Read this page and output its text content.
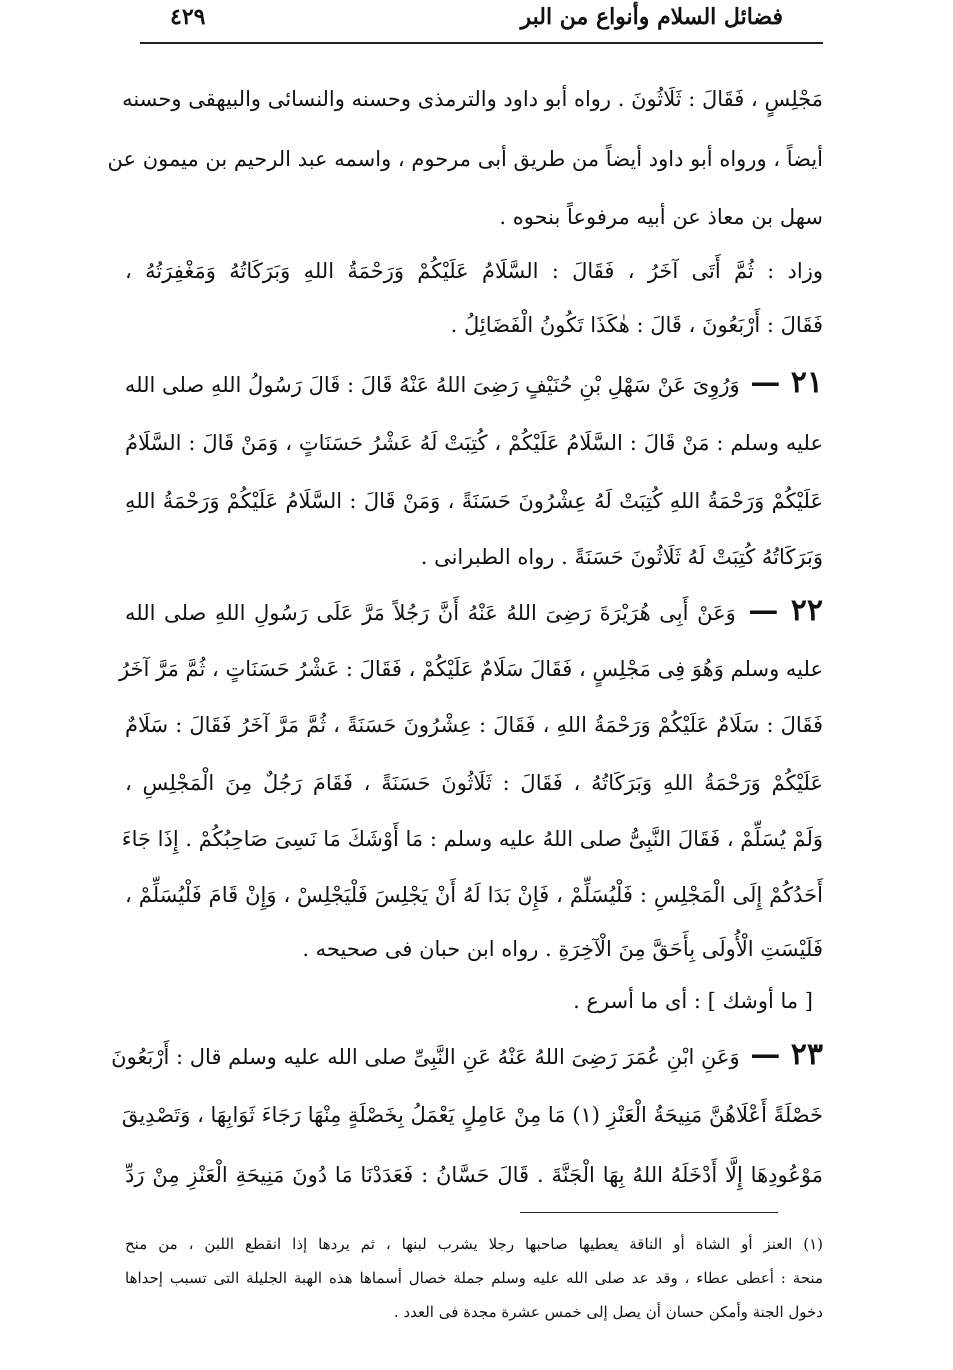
فضائل السلام وأنواع من البر
٤٢٩
مَجْلِسٍ ، فَقَالَ : ثَلَاثُونَ . رواه أبو داود والترمذى وحسنه والنسائى والبيهقى وحسنه
أيضاً ، ورواه أبو داود أيضاً من طريق أبى مرحوم ، واسمه عبد الرحيم بن ميمون عن
سهل بن معاذ عن أبيه مرفوعاً بنحوه .
وزاد : ثُمَّ أَتَى آخَرُ ، فَقَالَ : السَّلَامُ عَلَيْكُمْ وَرَحْمَةُ اللهِ وَبَرَكَاتُهُ وَمَغْفِرَتُهُ ،
فَقَالَ : أَرْبَعُونَ ، قَالَ : هٰكَذَا تَكُونُ الْفَضَائِلُ .
٢١ — وَرُوِىَ عَنْ سَهْلِ بْنِ حُنَيْفٍ رَضِىَ اللهُ عَنْهُ قَالَ : قَالَ رَسُولُ اللهِ صلى الله
عليه وسلم : مَنْ قَالَ : السَّلَامُ عَلَيْكُمْ ، كُتِبَتْ لَهُ عَشْرُ حَسَنَاتٍ ، وَمَنْ قَالَ : السَّلَامُ
عَلَيْكُمْ وَرَحْمَةُ اللهِ كُتِبَتْ لَهُ عِشْرُونَ حَسَنَةً ، وَمَنْ قَالَ : السَّلَامُ عَلَيْكُمْ وَرَحْمَةُ اللهِ
وَبَرَكَاتُهُ كُتِبَتْ لَهُ ثَلَاثُونَ حَسَنَةً . رواه الطبرانى .
٢٢ — وَعَنْ أَبِى هُرَيْرَةَ رَضِىَ اللهُ عَنْهُ أَنَّ رَجُلاً مَرَّ عَلَى رَسُولِ اللهِ صلى الله
عليه وسلم وَهُوَ فِى مَجْلِسٍ ، فَقَالَ سَلَامٌ عَلَيْكُمْ ، فَقَالَ : عَشْرُ حَسَنَاتٍ ، ثُمَّ مَرَّ آخَرُ
فَقَالَ : سَلَامٌ عَلَيْكُمْ وَرَحْمَةُ اللهِ ، فَقَالَ : عِشْرُونَ حَسَنَةً ، ثُمَّ مَرَّ آخَرُ فَقَالَ : سَلَامٌ
عَلَيْكُمْ وَرَحْمَةُ اللهِ وَبَرَكَاتُهُ ، فَقَالَ : ثَلَاثُونَ حَسَنَةً ، فَقَامَ رَجُلٌ مِنَ الْمَجْلِسِ ،
وَلَمْ يُسَلِّمْ ، فَقَالَ النَّبِىُّ صلى اللهُ عليه وسلم : مَا أَوْشَكَ مَا نَسِىَ صَاحِبُكُمْ . إِذَا جَاءَ
أَحَدُكُمْ إِلَى الْمَجْلِسِ : فَلْيُسَلِّمْ ، فَإِنْ بَدَا لَهُ أَنْ يَجْلِسَ فَلْيَجْلِسْ ، وَإِنْ قَامَ فَلْيُسَلِّمْ ،
فَلَيْسَتِ الْأُولَى بِأَحَقَّ مِنَ الْآخِرَةِ . رواه ابن حبان فى صحيحه .
[ ما أوشك ] : أى ما أسرع .
٢٣ — وَعَنِ ابْنِ عُمَرَ رَضِىَ اللهُ عَنْهُ عَنِ النَّبِىِّ صلى الله عليه وسلم قال : أَرْبَعُونَ
خَصْلَةً أَعْلَاهُنَّ مَنِيحَةُ الْعَنْزِ (١) مَا مِنْ عَامِلٍ يَعْمَلُ بِخَصْلَةٍ مِنْهَا رَجَاءَ ثَوَابِهَا ، وَتَصْدِيقَ
مَوْعُودِهَا إِلَّا أَدْخَلَهُ اللهُ بِهَا الْجَنَّةَ . قَالَ حَسَّانُ : فَعَدَدْنَا مَا دُونَ مَنِيحَةِ الْعَنْزِ مِنْ رَدِّ
(١) العنز أو الشاة أو الناقة يعطيها صاحبها رجلا يشرب لبنها ، ثم يردها إذا انقطع اللبن ، من منح
منحة : أعطى عطاء ، وقد عد صلى الله عليه وسلم جملة خصال أسماها هذه الهبة الجليلة التى تسبب إحداها
دخول الجنة وأمكن حسان أن يصل إلى خمس عشرة مجدة فى العدد .
